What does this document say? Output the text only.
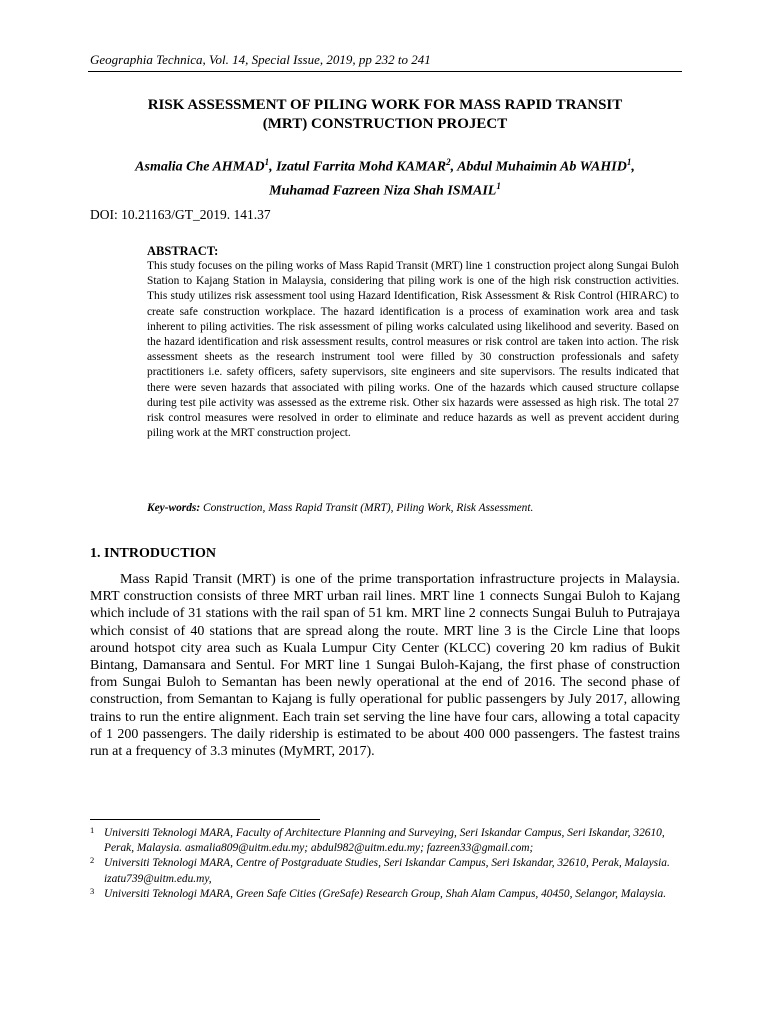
Geographia Technica, Vol. 14, Special Issue, 2019, pp 232 to 241
RISK ASSESSMENT OF PILING WORK FOR MASS RAPID TRANSIT
(MRT) CONSTRUCTION PROJECT
Asmalia Che AHMAD$^1$, Izatul Farrita Mohd KAMAR$^2$, Abdul Muhaimin Ab WAHID$^1$,
Muhamad Fazreen Niza Shah ISMAIL$^1$
DOI: 10.21163/GT_2019. 141.37
ABSTRACT:
This study focuses on the piling works of Mass Rapid Transit (MRT) line 1 construction project along Sungai Buloh Station to Kajang Station in Malaysia, considering that piling work is one of the high risk construction activities. This study utilizes risk assessment tool using Hazard Identification, Risk Assessment & Risk Control (HIRARC) to create safe construction workplace. The hazard identification is a process of examination work area and task inherent to piling activities. The risk assessment of piling works calculated using likelihood and severity. Based on the hazard identification and risk assessment results, control measures or risk control are taken into action. The risk assessment sheets as the research instrument tool were filled by 30 construction professionals and safety practitioners i.e. safety officers, safety supervisors, site engineers and site supervisors. The results indicated that there were seven hazards that associated with piling works. One of the hazards which caused structure collapse during test pile activity was assessed as the extreme risk. Other six hazards were assessed as high risk. The total 27 risk control measures were resolved in order to eliminate and reduce hazards as well as prevent accident during piling work at the MRT construction project.
Key-words: Construction, Mass Rapid Transit (MRT), Piling Work, Risk Assessment.
1. INTRODUCTION
Mass Rapid Transit (MRT) is one of the prime transportation infrastructure projects in Malaysia. MRT construction consists of three MRT urban rail lines. MRT line 1 connects Sungai Buloh to Kajang which include of 31 stations with the rail span of 51 km. MRT line 2 connects Sungai Buluh to Putrajaya which consist of 40 stations that are spread along the route. MRT line 3 is the Circle Line that loops around hotspot city area such as Kuala Lumpur City Center (KLCC) covering 20 km radius of Bukit Bintang, Damansara and Sentul. For MRT line 1 Sungai Buloh-Kajang, the first phase of construction from Sungai Buloh to Semantan has been newly operational at the end of 2016. The second phase of construction, from Semantan to Kajang is fully operational for public passengers by July 2017, allowing trains to run the entire alignment. Each train set serving the line have four cars, allowing a total capacity of 1 200 passengers. The daily ridership is estimated to be about 400 000 passengers. The fastest trains run at a frequency of 3.3 minutes (MyMRT, 2017).
1 Universiti Teknologi MARA, Faculty of Architecture Planning and Surveying, Seri Iskandar Campus, Seri Iskandar, 32610, Perak, Malaysia. asmalia809@uitm.edu.my; abdul982@uitm.edu.my; fazreen33@gmail.com;
2 Universiti Teknologi MARA, Centre of Postgraduate Studies, Seri Iskandar Campus, Seri Iskandar, 32610, Perak, Malaysia. izatu739@uitm.edu.my,
3 Universiti Teknologi MARA, Green Safe Cities (GreSafe) Research Group, Shah Alam Campus, 40450, Selangor, Malaysia.
